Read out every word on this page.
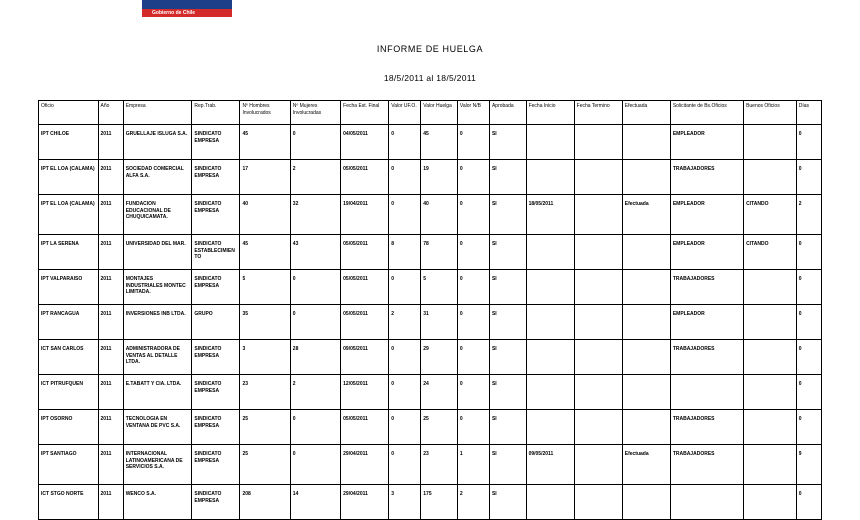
Gobierno de Chile
INFORME DE HUELGA
18/5/2011 al 18/5/2011
Oficio	Año	Empresa	Rep.Trab.	Nº Hombres Involucrados	Nº Mujeres Involucradas	Fecha Est. Final	Valor UF.O.	Valor Huelga	Valor N/B	Aprobada	Fecha Inicio	Fecha Termino	Efectuada	Solicitante de Bs.Oficios	Buenos Oficios	Días
IPT CHILOE	2011	GRUELLAJE ISLUGA S.A.	SINDICATO EMPRESA	45	0	04/05/2011	0	45	0	SI				EMPLEADOR		0
IPT EL LOA (CALAMA)	2011	SOCIEDAD COMERCIAL ALFA S.A.	SINDICATO EMPRESA	17	2	05/05/2011	0	19	0	SI				TRABAJADORES		0
IPT EL LOA (CALAMA)	2011	FUNDACION EDUCACIONAL DE CHUQUICAMATA.	SINDICATO EMPRESA	40	32	19/04/2011	0	40	0	SI	18/05/2011		Efectuada	EMPLEADOR	CITANDO	2
IPT LA SERENA	2011	UNIVERSIDAD DEL MAR.	SINDICATO ESTABLECIMIENTO	45	43	05/05/2011	8	78	0	SI				EMPLEADOR	CITANDO	0
IPT VALPARAISO	2011	MONTAJES INDUSTRIALES MONTEC LIMITADA.	SINDICATO EMPRESA	5	0	05/05/2011	0	5	0	SI				TRABAJADORES		0
IPT RANCAGUA	2011	INVERSIONES INB LTDA.	GRUPO	35	0	05/05/2011	2	31	0	SI				EMPLEADOR		0
ICT SAN CARLOS	2011	ADMINISTRADORA DE VENTAS AL DETALLE LTDA.	SINDICATO EMPRESA	3	28	09/05/2011	0	29	0	SI				TRABAJADORES		0
ICT PITRUFQUEN	2011	E.TABATT Y CIA. LTDA.	SINDICATO EMPRESA	23	2	12/05/2011	0	24	0	SI						0
IPT OSORNO	2011	TECNOLOGIA EN VENTANA DE PVC S.A.	SINDICATO EMPRESA	25	0	05/05/2011	0	25	0	SI				TRABAJADORES		0
IPT SANTIAGO	2011	INTERNACIONAL LATINOAMERICANA DE SERVICIOS S.A.	SINDICATO EMPRESA	25	0	29/04/2011	0	23	1	SI	09/05/2011		Efectuada	TRABAJADORES		9
ICT STGO NORTE	2011	WENCO S.A.	SINDICATO EMPRESA	208	14	29/04/2011	3	175	2	SI						0
